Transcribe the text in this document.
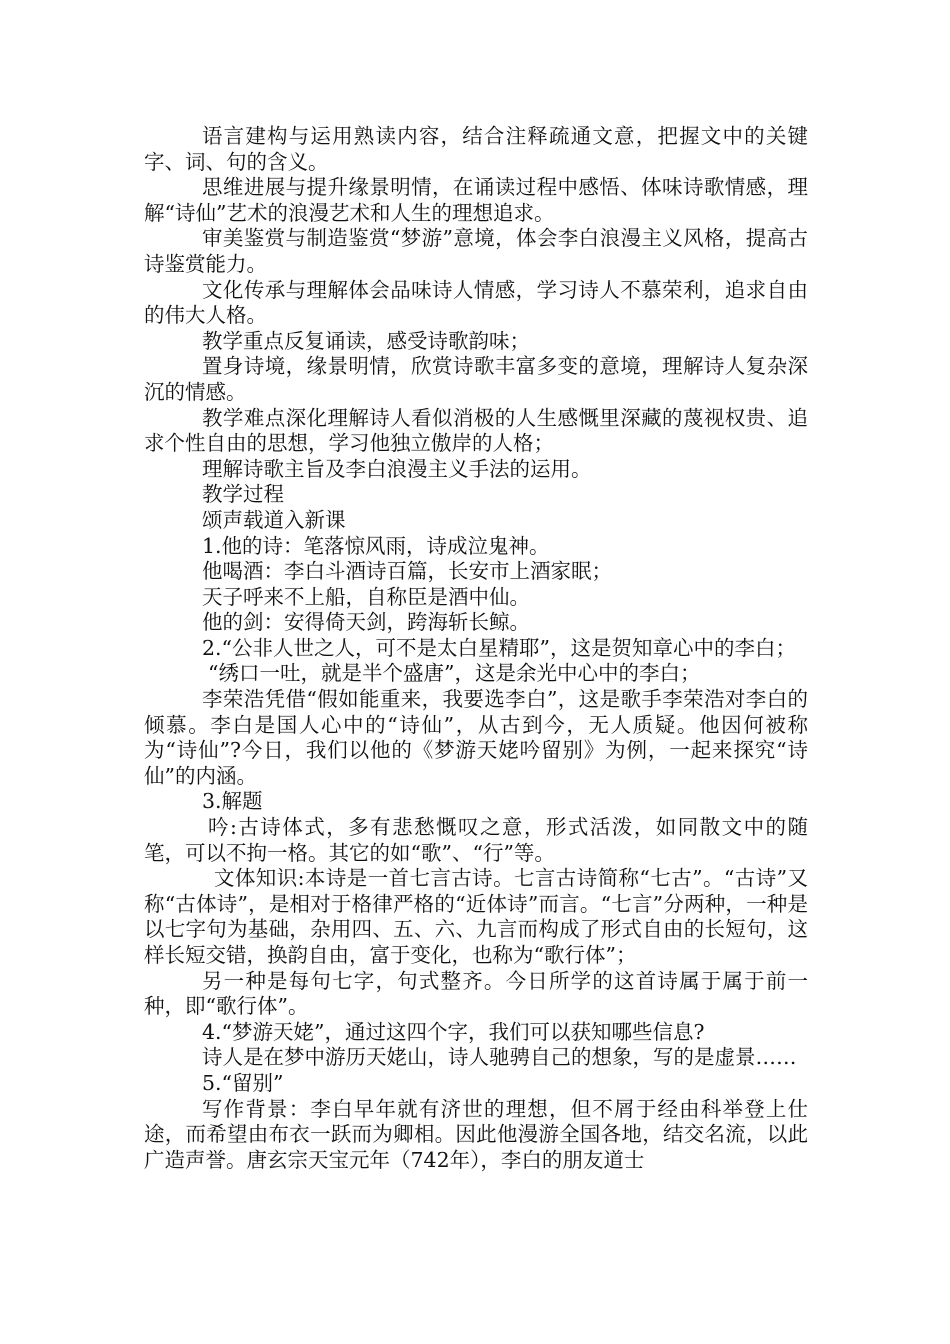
语言建构与运用熟读内容，结合注释疏通文意，把握文中的关键字、词、句的含义。

思维进展与提升缘景明情，在诵读过程中感悟、体味诗歌情感，理解“诗仙”艺术的浪漫艺术和人生的理想追求。

审美鉴赏与制造鉴赏“梦游”意境，体会李白浪漫主义风格，提高古诗鉴赏能力。

文化传承与理解体会品味诗人情感，学习诗人不慕荣利，追求自由的伟大人格。

教学重点反复诵读，感受诗歌韵味；

置身诗境，缘景明情，欣赏诗歌丰富多变的意境，理解诗人复杂深沉的情感。

教学难点深化理解诗人看似消极的人生感慨里深藏的蔑视权贵、追求个性自由的思想，学习他独立傲岸的人格；

理解诗歌主旨及李白浪漫主义手法的运用。

教学过程

颂声载道入新课

1.他的诗：笔落惊风雨，诗成泣鬼神。

他喝酒：李白斗酒诗百篇，长安市上酒家眠；

天子呼来不上船，自称臣是酒中仙。

他的剑：安得倚天剑，跨海斩长鲸。

2.“公非人世之人，可不是太白星精耶”，这是贺知章心中的李白；

“绣口一吐，就是半个盛唐”，这是余光中心中的李白；

李荣浩凭借“假如能重来，我要选李白”，这是歌手李荣浩对李白的倾慕。李白是国人心中的“诗仙”，从古到今，无人质疑。他因何被称为“诗仙”?今日，我们以他的《梦游天姥吟留别》为例，一起来探究“诗仙”的内涵。

3.解题

吟:古诗体式，多有悲愁慨叹之意，形式活泼，如同散文中的随笔，可以不拘一格。其它的如“歌”、“行”等。

文体知识:本诗是一首七言古诗。七言古诗简称“七古”。“古诗”又称“古体诗”，是相对于格律严格的“近体诗”而言。“七言”分两种，一种是以七字句为基础，杂用四、五、六、九言而构成了形式自由的长短句，这样长短交错，换韵自由，富于变化，也称为“歌行体”；

另一种是每句七字，句式整齐。今日所学的这首诗属于属于前一种，即“歌行体”。

4.“梦游天姥”，通过这四个字，我们可以获知哪些信息?

诗人是在梦中游历天姥山，诗人驰骋自己的想象，写的是虚景……

5.“留别”

写作背景：李白早年就有济世的理想，但不屑于经由科举登上仕途，而希望由布衣一跃而为卿相。因此他漫游全国各地，结交名流，以此广造声誉。唐玄宗天宝元年（742年），李白的朋友道士
